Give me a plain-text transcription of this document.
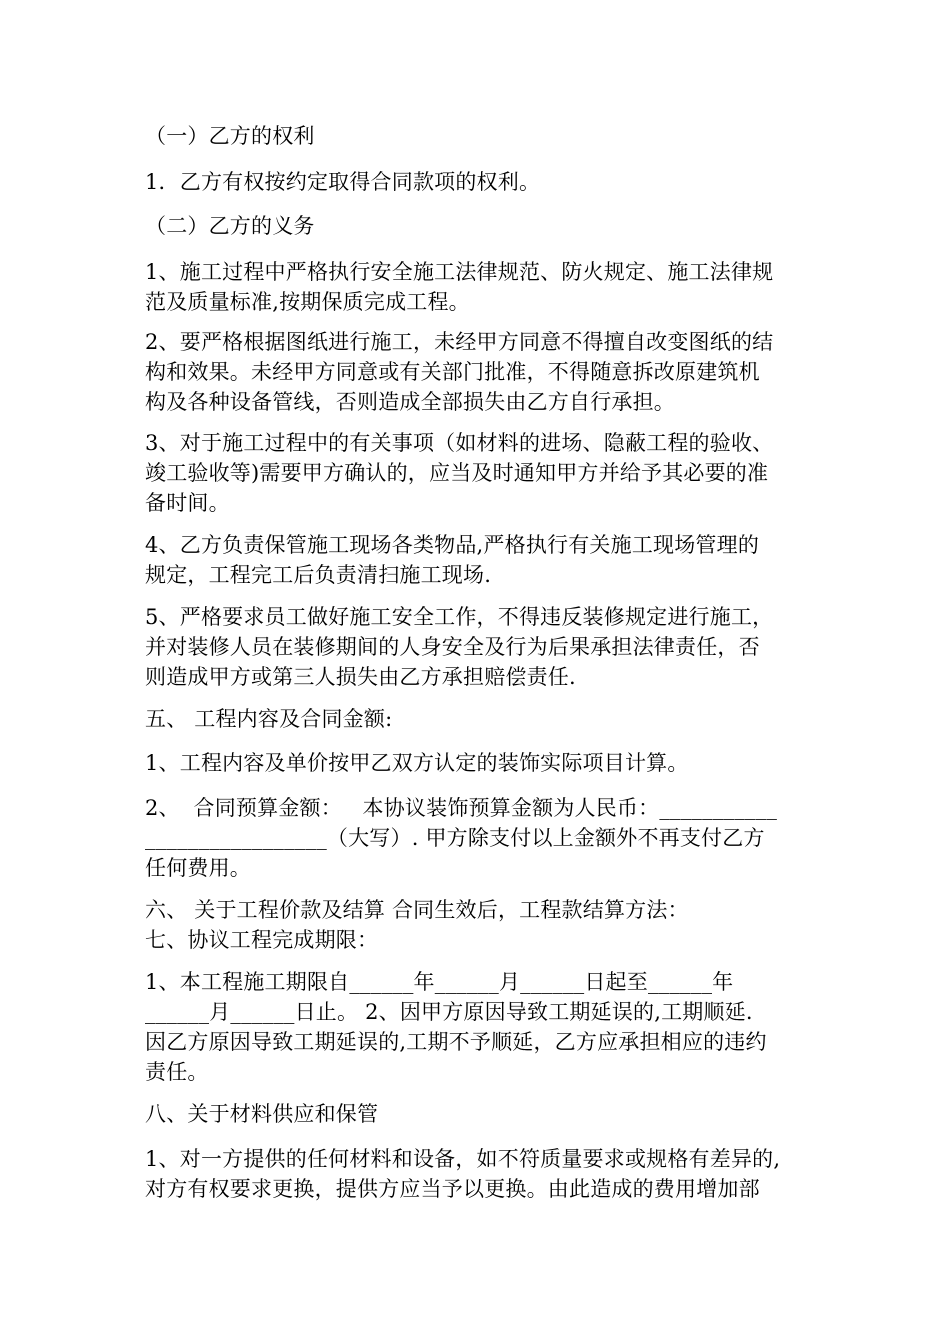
（一）乙方的权利
1．乙方有权按约定取得合同款项的权利。
（二）乙方的义务
1、施工过程中严格执行安全施工法律规范、防火规定、施工法律规
范及质量标准,按期保质完成工程。
2、要严格根据图纸进行施工，未经甲方同意不得擅自改变图纸的结
构和效果。未经甲方同意或有关部门批准，不得随意拆改原建筑机
构及各种设备管线，否则造成全部损失由乙方自行承担。
3、对于施工过程中的有关事项（如材料的进场、隐蔽工程的验收、
竣工验收等)需要甲方确认的，应当及时通知甲方并给予其必要的准
备时间。
4、乙方负责保管施工现场各类物品,严格执行有关施工现场管理的
规定，工程完工后负责清扫施工现场.
5、严格要求员工做好施工安全工作，不得违反装修规定进行施工，
并对装修人员在装修期间的人身安全及行为后果承担法律责任，否
则造成甲方或第三人损失由乙方承担赔偿责任.
五、 工程内容及合同金额:
1、工程内容及单价按甲乙双方认定的装饰实际项目计算。
2、  合同预算金额：   本协议装饰预算金额为人民币：___________
_________________（大写）. 甲方除支付以上金额外不再支付乙方
任何费用。
六、 关于工程价款及结算 合同生效后，工程款结算方法：
七、协议工程完成期限：
1、本工程施工期限自______年______月______日起至______年
______月______日止。 2、因甲方原因导致工期延误的,工期顺延.
因乙方原因导致工期延误的,工期不予顺延，乙方应承担相应的违约
责任。
八、关于材料供应和保管
1、对一方提供的任何材料和设备，如不符质量要求或规格有差异的,
对方有权要求更换，提供方应当予以更换。由此造成的费用增加部
